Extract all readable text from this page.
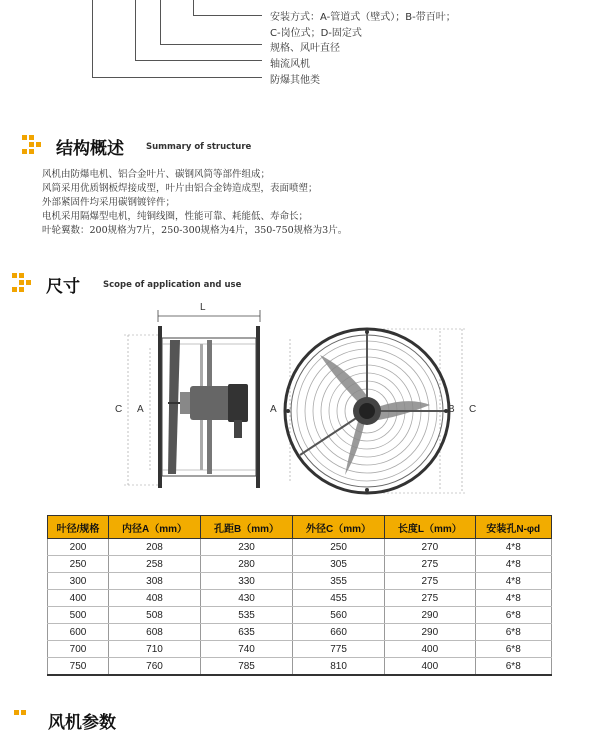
安装方式：A-管道式（壁式）；B-带百叶；
C-岗位式；D-固定式
规格、风叶直径
轴流风机
防爆其他类
结构概述	Summary of structure
风机由防爆电机、铝合金叶片、碳钢风筒等部件组成；
风筒采用优质钢板焊接成型，叶片由铝合金铸造成型，表面喷塑；
外部紧固件均采用碳钢镀锌件；
电机采用隔爆型电机，纯铜线圈，性能可靠、耗能低、寿命长；
叶轮翼数：200规格为7片，250-300规格为4片，350-750规格为3片。
尺寸	Scope of application and use
L
C A	A	B C
叶径/规格	内径A（mm）	孔距B（mm）	外径C（mm）	长度L（mm）	安装孔N-φd
200	208	230	250	270	4*8
250	258	280	305	275	4*8
300	308	330	355	275	4*8
400	408	430	455	275	4*8
500	508	535	560	290	6*8
600	608	635	660	290	6*8
700	710	740	775	400	6*8
750	760	785	810	400	6*8
风机参数
